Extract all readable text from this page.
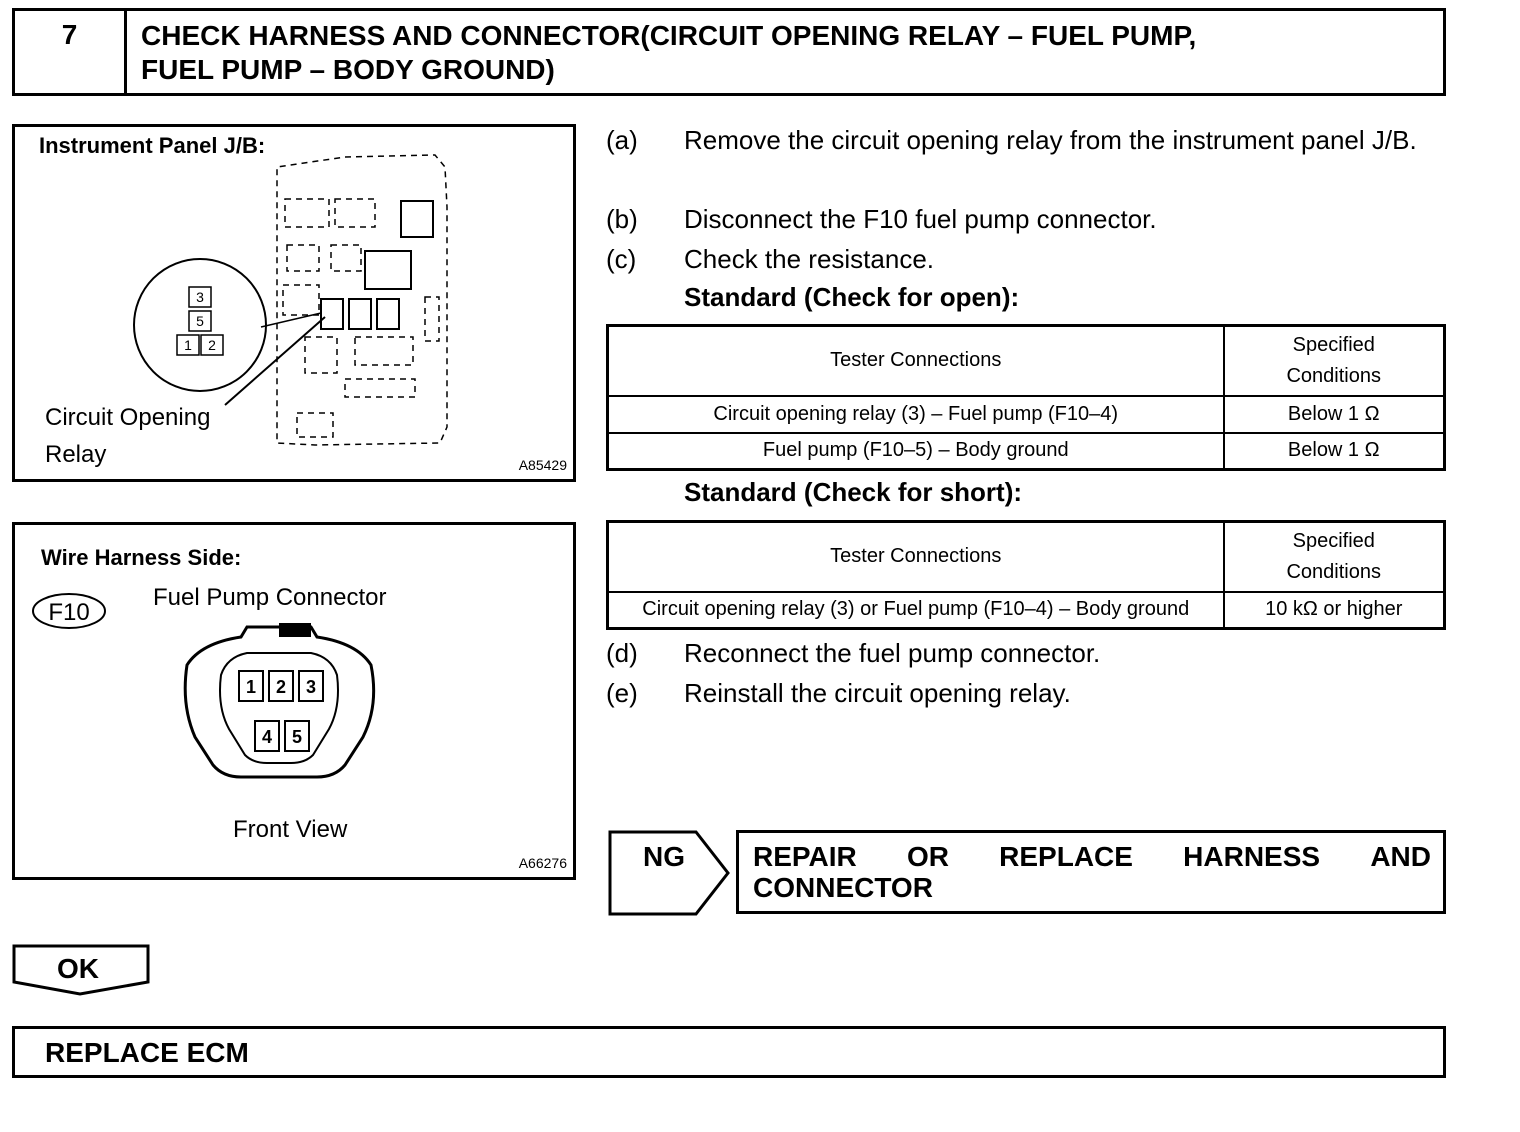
7	CHECK HARNESS AND CONNECTOR(CIRCUIT OPENING RELAY – FUEL PUMP,
FUEL PUMP – BODY GROUND)
Instrument Panel J/B:
3
5
1 2
Circuit Opening
Relay	A85429
Wire Harness Side:
F10
1 2 3
4 5
Fuel Pump Connector
Front View
A66276
(a) Remove the circuit opening relay from the instrument panel J/B.
(b) Disconnect the F10 fuel pump connector.
(c) Check the resistance.
Standard (Check for open):
Tester Connections	Specified
Conditions

Circuit opening relay (3) – Fuel pump (F10–4)	Below 1 Ω
Fuel pump (F10–5) – Body ground	Below 1 Ω
Standard (Check for short):
Tester Connections	Specified
Conditions

Circuit opening relay (3) or Fuel pump (F10–4) – Body ground	10 kΩ or higher
(d) Reconnect the fuel pump connector.
(e) Reinstall the circuit opening relay.
NG REPAIR OR REPLACE HARNESS AND
CONNECTOR
OK
REPLACE ECM
